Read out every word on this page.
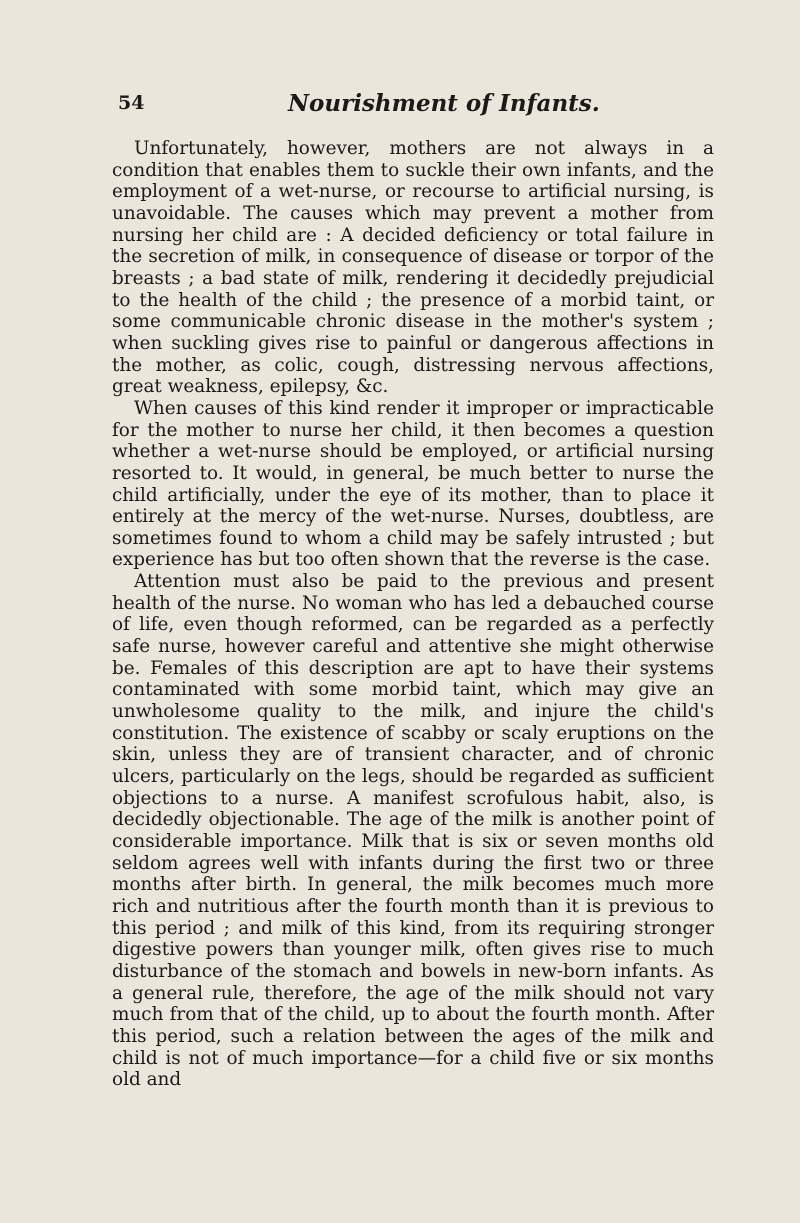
54	Nourishment of Infants.

Unfortunately, however, mothers are not always in a condition that enables them to suckle their own infants, and the employment of a wet-nurse, or recourse to artificial nursing, is unavoidable. The causes which may prevent a mother from nursing her child are : A decided deficiency or total failure in the secretion of milk, in consequence of disease or torpor of the breasts ; a bad state of milk, rendering it decidedly prejudicial to the health of the child ; the presence of a morbid taint, or some communicable chronic disease in the mother's system ; when suckling gives rise to painful or dangerous affections in the mother, as colic, cough, distressing nervous affections, great weakness, epilepsy, &c.

When causes of this kind render it improper or impracticable for the mother to nurse her child, it then becomes a question whether a wet-nurse should be employed, or artificial nursing resorted to. It would, in general, be much better to nurse the child artificially, under the eye of its mother, than to place it entirely at the mercy of the wet-nurse. Nurses, doubtless, are sometimes found to whom a child may be safely intrusted ; but experience has but too often shown that the reverse is the case.

Attention must also be paid to the previous and present health of the nurse. No woman who has led a debauched course of life, even though reformed, can be regarded as a perfectly safe nurse, however careful and attentive she might otherwise be. Females of this description are apt to have their systems contaminated with some morbid taint, which may give an unwholesome quality to the milk, and injure the child's constitution. The existence of scabby or scaly eruptions on the skin, unless they are of transient character, and of chronic ulcers, particularly on the legs, should be regarded as sufficient objections to a nurse. A manifest scrofulous habit, also, is decidedly objectionable. The age of the milk is another point of considerable importance. Milk that is six or seven months old seldom agrees well with infants during the first two or three months after birth. In general, the milk becomes much more rich and nutritious after the fourth month than it is previous to this period ; and milk of this kind, from its requiring stronger digestive powers than younger milk, often gives rise to much disturbance of the stomach and bowels in new-born infants. As a general rule, therefore, the age of the milk should not vary much from that of the child, up to about the fourth month. After this period, such a relation between the ages of the milk and child is not of much importance—for a child five or six months old and
